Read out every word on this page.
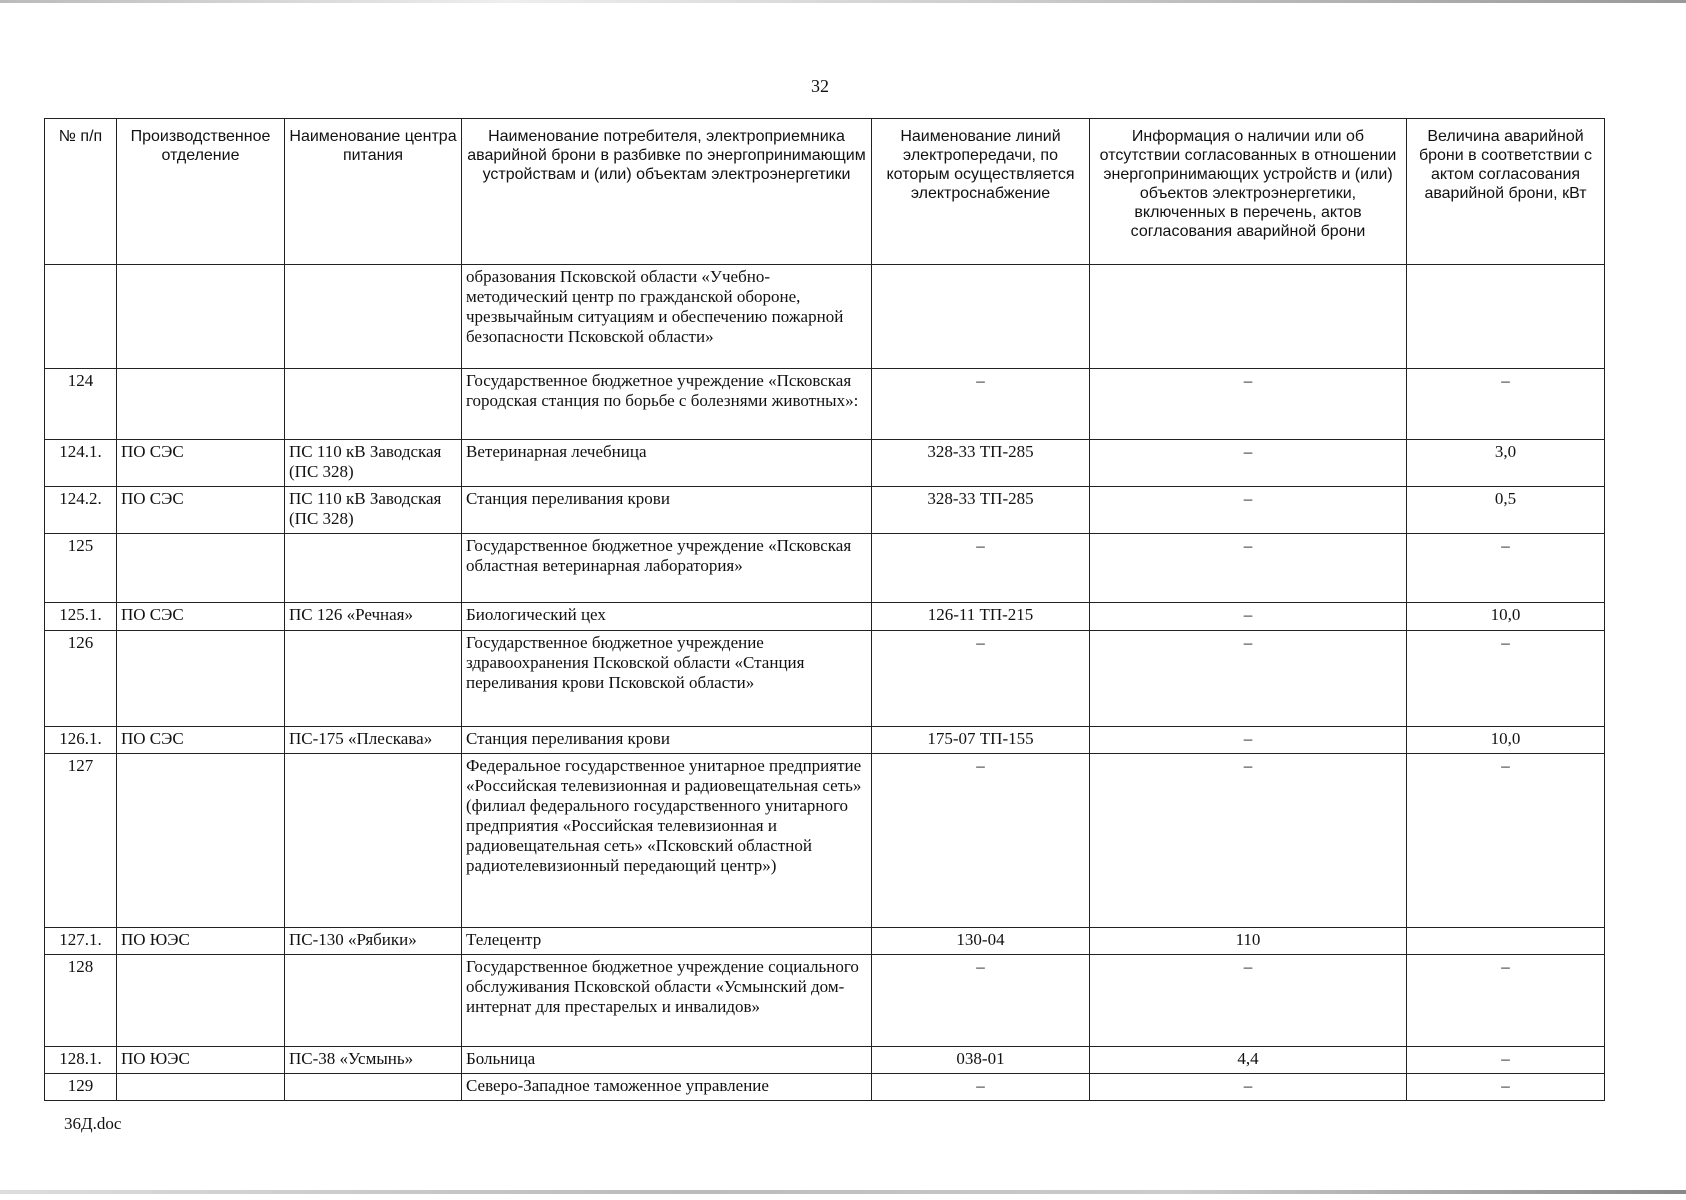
32
№ п/п	Производственное отделение	Наименование центра питания	Наименование потребителя, электроприемника аварийной брони в разбивке по энергопринимающим устройствам и (или) объектам электроэнергетики	Наименование линий электропередачи, по которым осуществляется электроснабжение	Информация о наличии или об отсутствии согласованных в отношении энергопринимающих устройств и (или) объектов электроэнергетики, включенных в перечень, актов согласования аварийной брони	Величина аварийной брони в соответствии с актом согласования аварийной брони, кВт
			образования Псковской области «Учебно-методический центр по гражданской обороне, чрезвычайным ситуациям и обеспечению пожарной безопасности Псковской области»			
124			Государственное бюджетное учреждение «Псковская городская станция по борьбе с болезнями животных»:	–	–	–
124.1.	ПО СЭС	ПС 110 кВ Заводская (ПС 328)	Ветеринарная лечебница	328-33 ТП-285	–	3,0
124.2.	ПО СЭС	ПС 110 кВ Заводская (ПС 328)	Станция переливания крови	328-33 ТП-285	–	0,5
125			Государственное бюджетное учреждение «Псковская областная ветеринарная лаборатория»	–	–	–
125.1.	ПО СЭС	ПС 126 «Речная»	Биологический цех	126-11 ТП-215	–	10,0
126			Государственное бюджетное учреждение здравоохранения Псковской области «Станция переливания крови Псковской области»	–	–	–
126.1.	ПО СЭС	ПС-175 «Плескава»	Станция переливания крови	175-07 ТП-155	–	10,0
127			Федеральное государственное унитарное предприятие «Российская телевизионная и радиовещательная сеть» (филиал федерального государственного унитарного предприятия «Российская телевизионная и радиовещательная сеть» «Псковский областной радиотелевизионный передающий центр»)	–	–	–
127.1.	ПО ЮЭС	ПС-130 «Рябики»	Телецентр	130-04	110	
128			Государственное бюджетное учреждение социального обслуживания Псковской области «Усмынский дом-интернат для престарелых и инвалидов»	–	–	–
128.1.	ПО ЮЭС	ПС-38 «Усмынь»	Больница	038-01	4,4	–
129			Северо-Западное таможенное управление	–	–	–
36Д.doc
